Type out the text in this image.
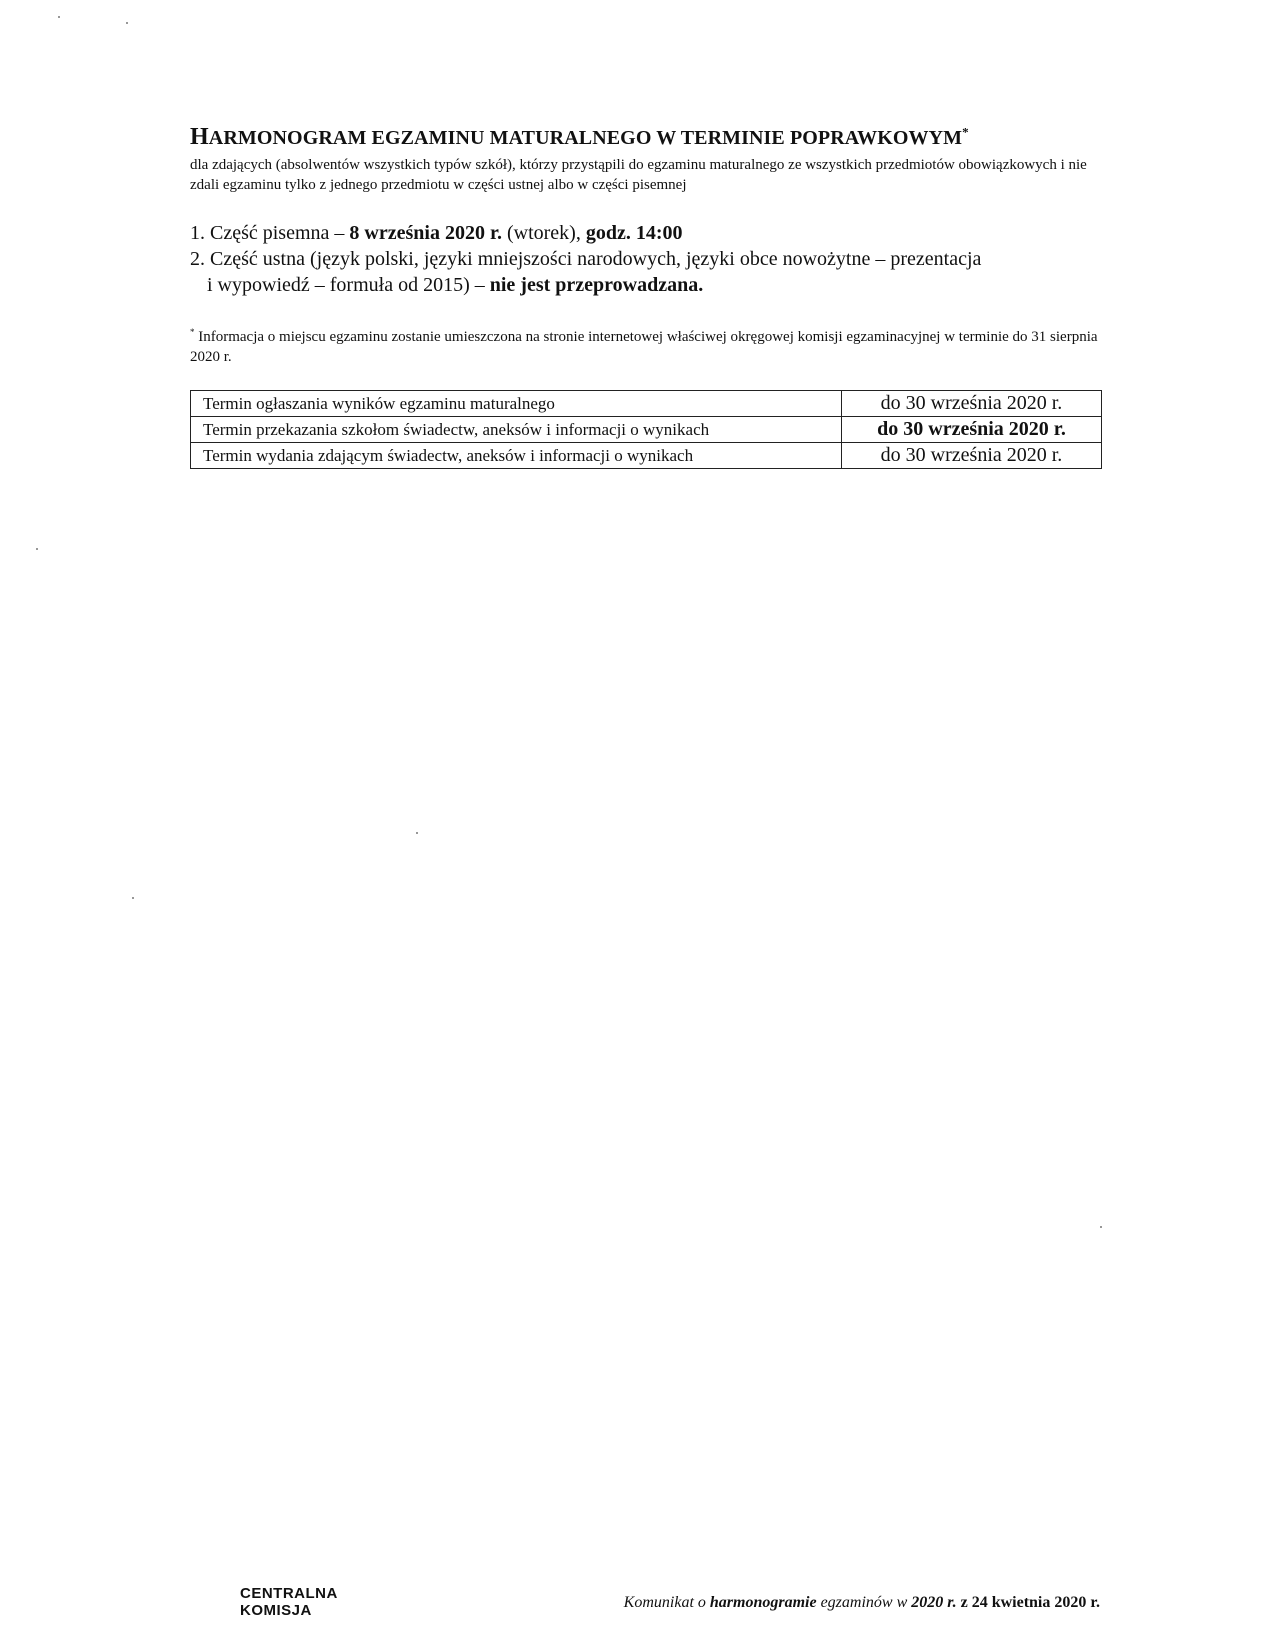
HARMONOGRAM EGZAMINU MATURALNEGO W TERMINIE POPRAWKOWYM*
dla zdających (absolwentów wszystkich typów szkół), którzy przystąpili do egzaminu maturalnego ze wszystkich przedmiotów obowiązkowych i nie zdali egzaminu tylko z jednego przedmiotu w części ustnej albo w części pisemnej
1. Część pisemna – 8 września 2020 r. (wtorek), godz. 14:00
2. Część ustna (język polski, języki mniejszości narodowych, języki obce nowożytne – prezentacja
i wypowiedź – formuła od 2015) – nie jest przeprowadzana.
* Informacja o miejscu egzaminu zostanie umieszczona na stronie internetowej właściwej okręgowej komisji egzaminacyjnej w terminie do 31 sierpnia 2020 r.
Termin ogłaszania wyników egzaminu maturalnego	do 30 września 2020 r.
Termin przekazania szkołom świadectw, aneksów i informacji o wynikach	do 30 września 2020 r.
Termin wydania zdającym świadectw, aneksów i informacji o wynikach	do 30 września 2020 r.
CENTRALNA
KOMISJA	Komunikat o harmonogramie egzaminów w 2020 r. z 24 kwietnia 2020 r.
